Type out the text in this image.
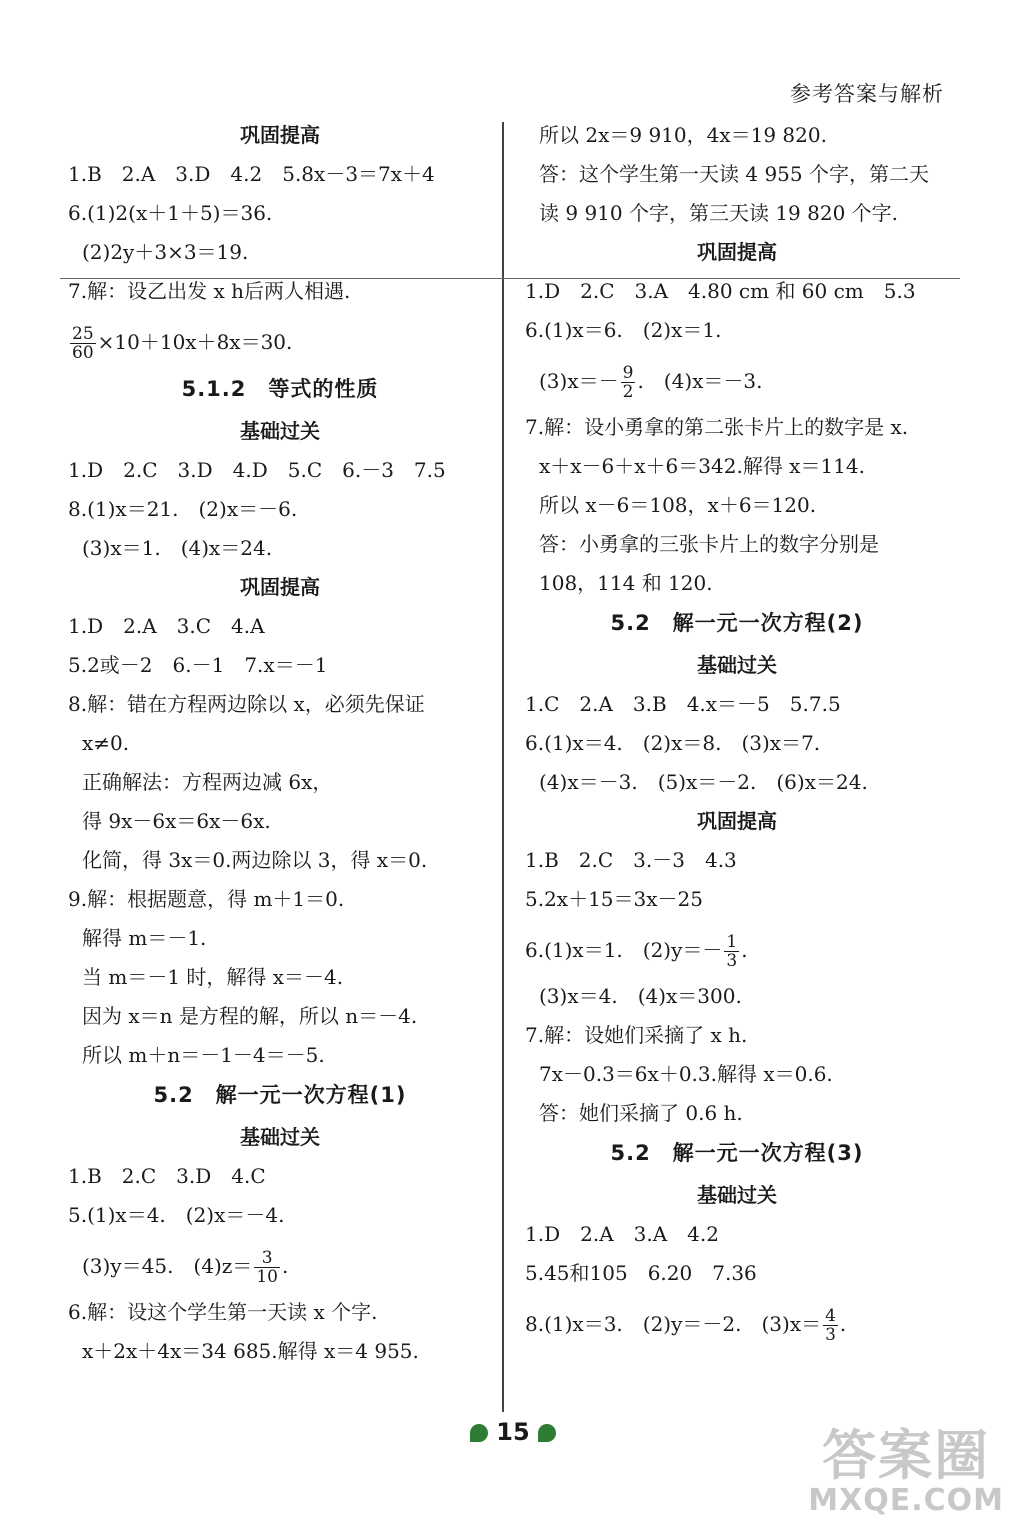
参考答案与解析
巩固提高
1.B　2.A　3.D　4.2　5.8x－3＝7x＋4
6.(1)2(x＋1＋5)＝36.
(2)2y＋3×3＝19.
7.解：设乙出发 x h后两人相遇.
$\frac{25}{60} \times 10+10x+8x=30$.
5.1.2　等式的性质
基础过关
1.D　2.C　3.D　4.D　5.C　6.－3　7.5
8.(1)x＝21.　(2)x＝－6.
(3)x＝1.　(4)x＝24.
巩固提高
1.D　2.A　3.C　4.A
5.2或－2　6.－1　7.x＝－1
8.解：错在方程两边除以 x，必须先保证
x≠0.
正确解法：方程两边减 6x，
得 9x－6x＝6x－6x.
化简，得 3x＝0.两边除以 3，得 x＝0.
9.解：根据题意，得 m＋1＝0.
解得 m＝－1.
当 m＝－1 时，解得 x＝－4.
因为 x＝n 是方程的解，所以 n＝－4.
所以 m＋n＝－1－4＝－5.
5.2　解一元一次方程(1)
基础过关
1.B　2.C　3.D　4.C
5.(1)x＝4.　(2)x＝－4.
(3)y＝45.　$(4)z= \frac{3}{10}$ .
6.解：设这个学生第一天读 x 个字.
x＋2x＋4x＝34 685.解得 x＝4 955.
所以 2x＝9 910，4x＝19 820.
答：这个学生第一天读 4 955 个字，第二天
读 9 910 个字，第三天读 19 820 个字.
巩固提高
1.D　2.C　3.A　4.80 cm 和 60 cm　5.3
6.(1)x＝6.　(2)x＝1.
$(3)x=- \frac{9}{2}$ .　(4)x＝－3.
7.解：设小勇拿的第二张卡片上的数字是 x.
x＋x－6＋x＋6＝342.解得 x＝114.
所以 x－6＝108，x＋6＝120.
答：小勇拿的三张卡片上的数字分别是
108，114 和 120.
5.2　解一元一次方程(2)
基础过关
1.C　2.A　3.B　4.x＝－5　5.7.5
6.(1)x＝4.　(2)x＝8.　(3)x＝7.
(4)x＝－3.　(5)x＝－2.　(6)x＝24.
巩固提高
1.B　2.C　3.－3　4.3
5.2x＋15＝3x－25
6.(1)x＝1.　$(2)y=- \frac{1}{3}$ .
(3)x＝4.　(4)x＝300.
7.解：设她们采摘了 x h.
7x－0.3＝6x＋0.3.解得 x＝0.6.
答：她们采摘了 0.6 h.
5.2　解一元一次方程(3)
基础过关
1.D　2.A　3.A　4.2
5.45和105　6.20　7.36
8.(1)x＝3.　(2)y＝－2.　$(3)x= \frac{4}{3}$ .
15	答案圈
MXQE.COM
